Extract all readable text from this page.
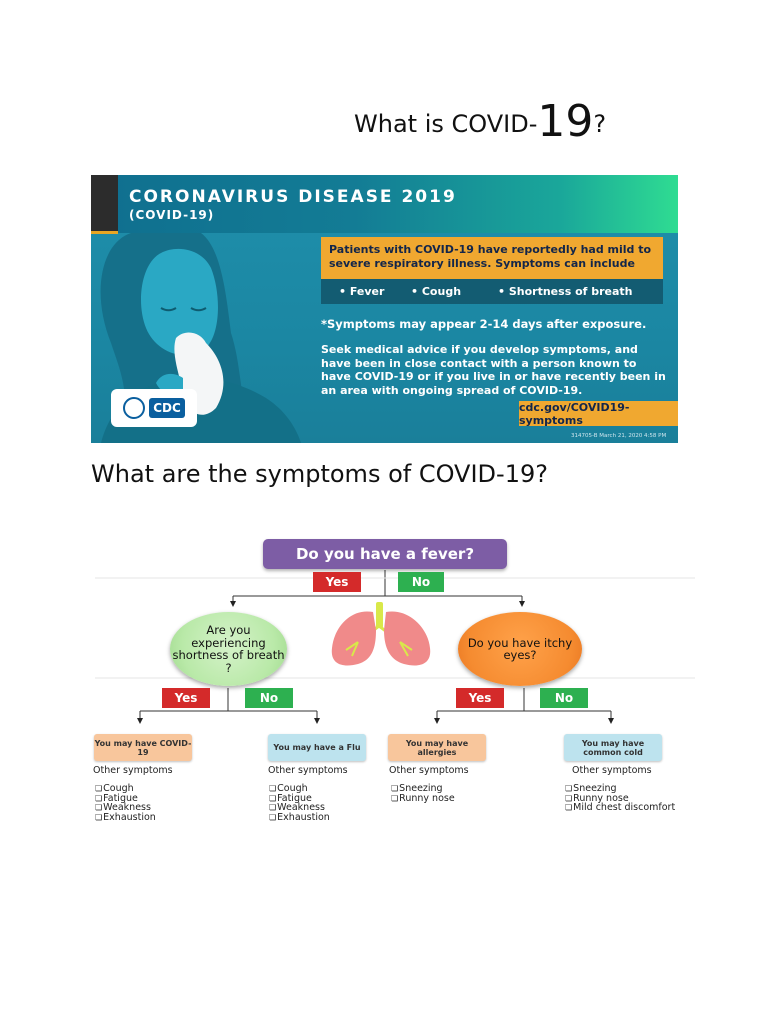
What is COVID-19?
CORONAVIRUS DISEASE 2019
(COVID-19)
CDC
Patients with COVID-19 have reportedly had mild to severe respiratory illness. Symptoms can include
• Fever • Cough	• Shortness of breath
*Symptoms may appear 2-14 days after exposure.
Seek medical advice if you develop symptoms, and have been in close contact with a person known to have COVID-19 or if you live in or have recently been in an area with ongoing spread of COVID-19.
cdc.gov/COVID19-symptoms
314705-B March 21, 2020 4:58 PM
What are the symptoms of COVID-19?
Do you have a fever?
Yes	No
Are you experiencing shortness of breath ?
Do you have itchy eyes?
Yes	No	Yes	No
You may have COVID-19	You may have a Flu	You may have allergies
You may have common cold
Other symptoms	Other symptoms	Other symptoms	Other symptoms
❏ Cough
❏ Fatigue
❏ Weakness
❏ Exhaustion
❏ Cough
❏ Fatigue
❏ Weakness
❏ Exhaustion
❏ Sneezing
❏ Runny nose
❏ Sneezing
❏ Runny nose
❏ Mild chest discomfort
